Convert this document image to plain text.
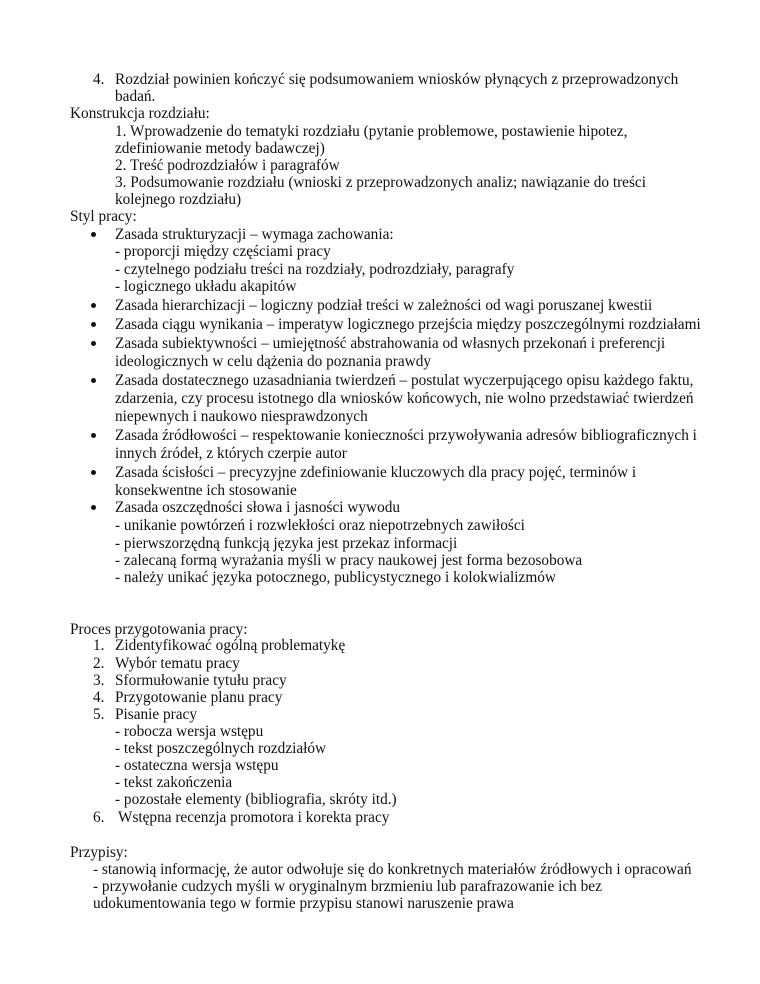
4. Rozdział powinien kończyć się podsumowaniem wniosków płynących z przeprowadzonych
badań.
Konstrukcja rozdziału:
1. Wprowadzenie do tematyki rozdziału (pytanie problemowe, postawienie hipotez,
zdefiniowanie metody badawczej)
2. Treść podrozdziałów i paragrafów
3. Podsumowanie rozdziału (wnioski z przeprowadzonych analiz; nawiązanie do treści
kolejnego rozdziału)
Styl pracy:
Zasada strukturyzacji – wymaga zachowania:
- proporcji między częściami pracy
- czytelnego podziału treści na rozdziały, podrozdziały, paragrafy
- logicznego układu akapitów
Zasada hierarchizacji – logiczny podział treści w zależności od wagi poruszanej kwestii
Zasada ciągu wynikania – imperatyw logicznego przejścia między poszczególnymi rozdziałami
Zasada subiektywności – umiejętność abstrahowania od własnych przekonań i preferencji
ideologicznych w celu dążenia do poznania prawdy
Zasada dostatecznego uzasadniania twierdzeń – postulat wyczerpującego opisu każdego faktu,
zdarzenia, czy procesu istotnego dla wniosków końcowych, nie wolno przedstawiać twierdzeń
niepewnych i naukowo niesprawdzonych
Zasada źródłowości – respektowanie konieczności przywoływania adresów bibliograficznych i
innych źródeł, z których czerpie autor
Zasada ścisłości – precyzyjne zdefiniowanie kluczowych dla pracy pojęć, terminów i
konsekwentne ich stosowanie
Zasada oszczędności słowa i jasności wywodu
- unikanie powtórzeń i rozwlekłości oraz niepotrzebnych zawiłości
- pierwszorzędną funkcją języka jest przekaz informacji
- zalecaną formą wyrażania myśli w pracy naukowej jest forma bezosobowa
- należy unikać języka potocznego, publicystycznego i kolokwializmów
Proces przygotowania pracy:
1. Zidentyfikować ogólną problematykę
2. Wybór tematu pracy
3. Sformułowanie tytułu pracy
4. Przygotowanie planu pracy
5. Pisanie pracy
- robocza wersja wstępu
- tekst poszczególnych rozdziałów
- ostateczna wersja wstępu
- tekst zakończenia
- pozostałe elementy (bibliografia, skróty itd.)
6. Wstępna recenzja promotora i korekta pracy
Przypisy:
- stanowią informację, że autor odwołuje się do konkretnych materiałów źródłowych i opracowań
- przywołanie cudzych myśli w oryginalnym brzmieniu lub parafrazowanie ich bez
udokumentowania tego w formie przypisu stanowi naruszenie prawa
